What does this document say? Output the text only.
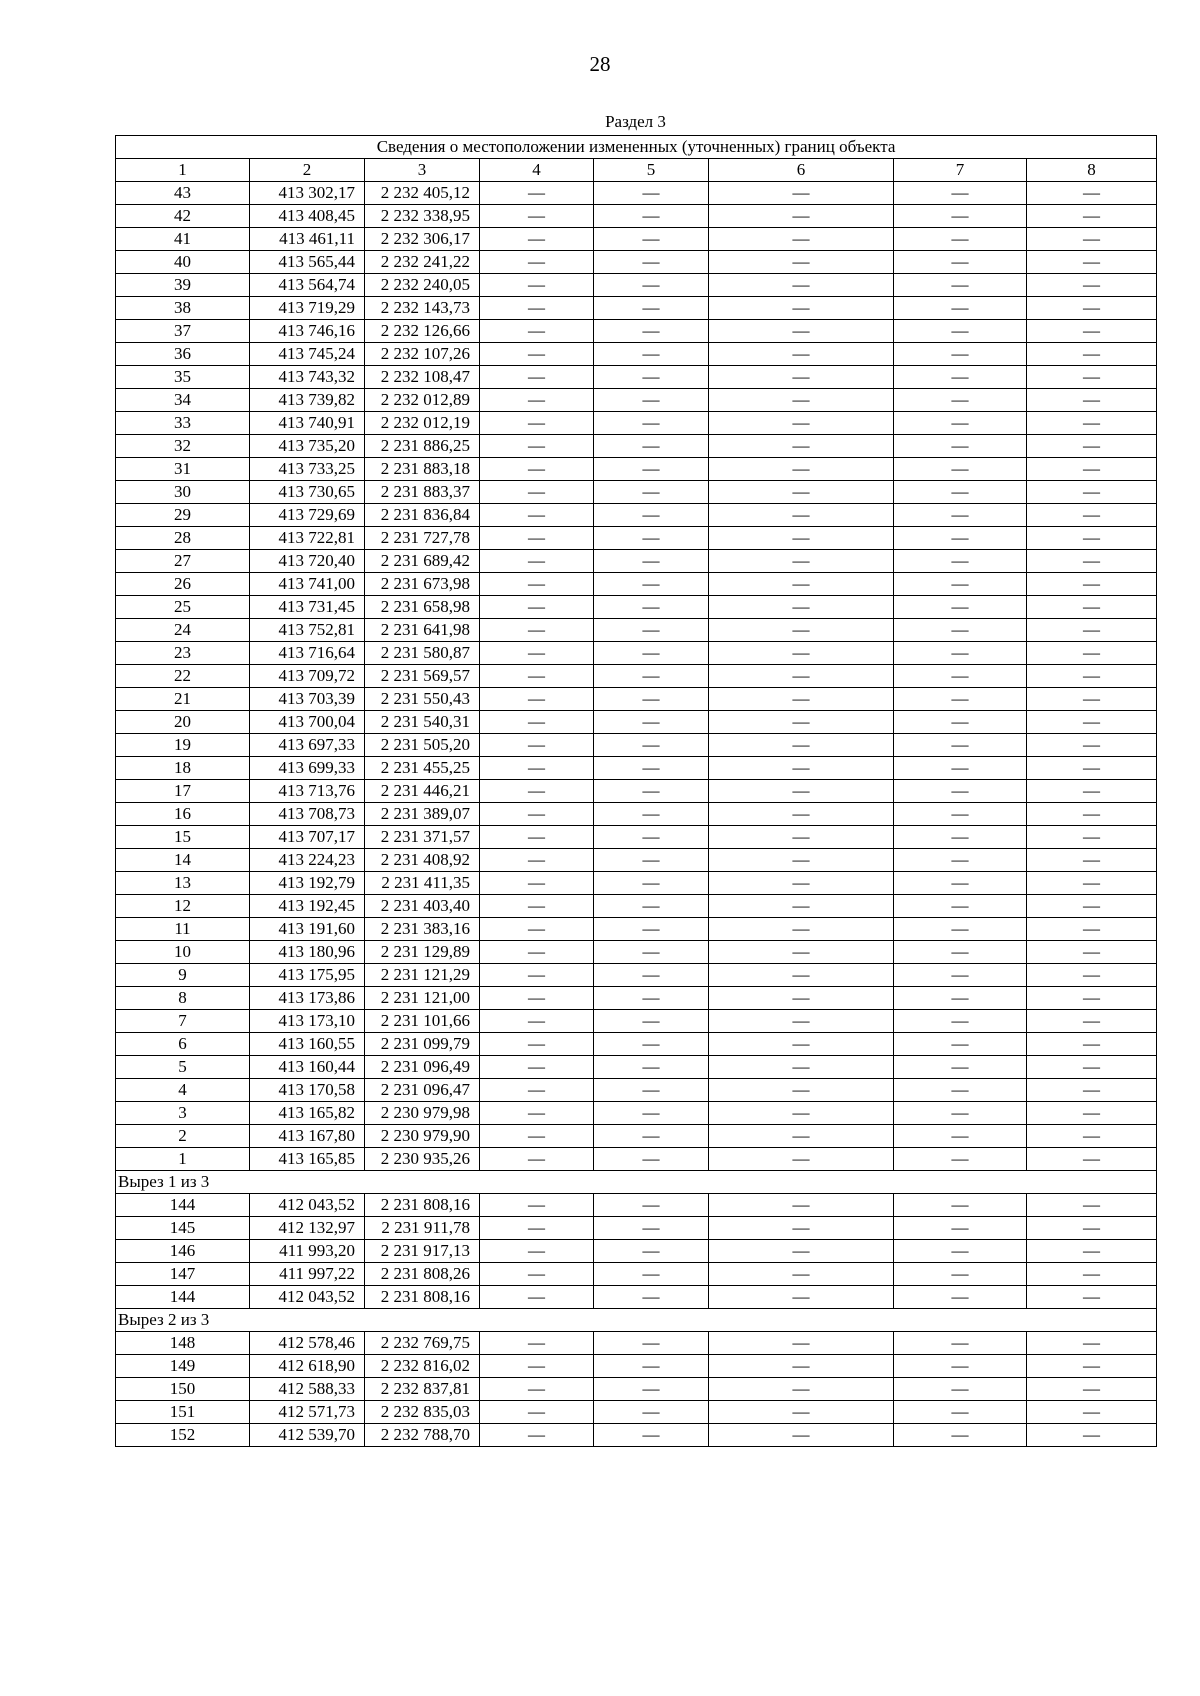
28
Раздел 3
Сведения о местоположении измененных (уточненных) границ объекта							
1	2	3	4	5	6	7	8
43	413 302,17	2 232 405,12	—	—	—	—	—
42	413 408,45	2 232 338,95	—	—	—	—	—
41	413 461,11	2 232 306,17	—	—	—	—	—
40	413 565,44	2 232 241,22	—	—	—	—	—
39	413 564,74	2 232 240,05	—	—	—	—	—
38	413 719,29	2 232 143,73	—	—	—	—	—
37	413 746,16	2 232 126,66	—	—	—	—	—
36	413 745,24	2 232 107,26	—	—	—	—	—
35	413 743,32	2 232 108,47	—	—	—	—	—
34	413 739,82	2 232 012,89	—	—	—	—	—
33	413 740,91	2 232 012,19	—	—	—	—	—
32	413 735,20	2 231 886,25	—	—	—	—	—
31	413 733,25	2 231 883,18	—	—	—	—	—
30	413 730,65	2 231 883,37	—	—	—	—	—
29	413 729,69	2 231 836,84	—	—	—	—	—
28	413 722,81	2 231 727,78	—	—	—	—	—
27	413 720,40	2 231 689,42	—	—	—	—	—
26	413 741,00	2 231 673,98	—	—	—	—	—
25	413 731,45	2 231 658,98	—	—	—	—	—
24	413 752,81	2 231 641,98	—	—	—	—	—
23	413 716,64	2 231 580,87	—	—	—	—	—
22	413 709,72	2 231 569,57	—	—	—	—	—
21	413 703,39	2 231 550,43	—	—	—	—	—
20	413 700,04	2 231 540,31	—	—	—	—	—
19	413 697,33	2 231 505,20	—	—	—	—	—
18	413 699,33	2 231 455,25	—	—	—	—	—
17	413 713,76	2 231 446,21	—	—	—	—	—
16	413 708,73	2 231 389,07	—	—	—	—	—
15	413 707,17	2 231 371,57	—	—	—	—	—
14	413 224,23	2 231 408,92	—	—	—	—	—
13	413 192,79	2 231 411,35	—	—	—	—	—
12	413 192,45	2 231 403,40	—	—	—	—	—
11	413 191,60	2 231 383,16	—	—	—	—	—
10	413 180,96	2 231 129,89	—	—	—	—	—
9	413 175,95	2 231 121,29	—	—	—	—	—
8	413 173,86	2 231 121,00	—	—	—	—	—
7	413 173,10	2 231 101,66	—	—	—	—	—
6	413 160,55	2 231 099,79	—	—	—	—	—
5	413 160,44	2 231 096,49	—	—	—	—	—
4	413 170,58	2 231 096,47	—	—	—	—	—
3	413 165,82	2 230 979,98	—	—	—	—	—
2	413 167,80	2 230 979,90	—	—	—	—	—
1	413 165,85	2 230 935,26	—	—	—	—	—
Вырез 1 из 3							
144	412 043,52	2 231 808,16	—	—	—	—	—
145	412 132,97	2 231 911,78	—	—	—	—	—
146	411 993,20	2 231 917,13	—	—	—	—	—
147	411 997,22	2 231 808,26	—	—	—	—	—
144	412 043,52	2 231 808,16	—	—	—	—	—
Вырез 2 из 3							
148	412 578,46	2 232 769,75	—	—	—	—	—
149	412 618,90	2 232 816,02	—	—	—	—	—
150	412 588,33	2 232 837,81	—	—	—	—	—
151	412 571,73	2 232 835,03	—	—	—	—	—
152	412 539,70	2 232 788,70	—	—	—	—	—
